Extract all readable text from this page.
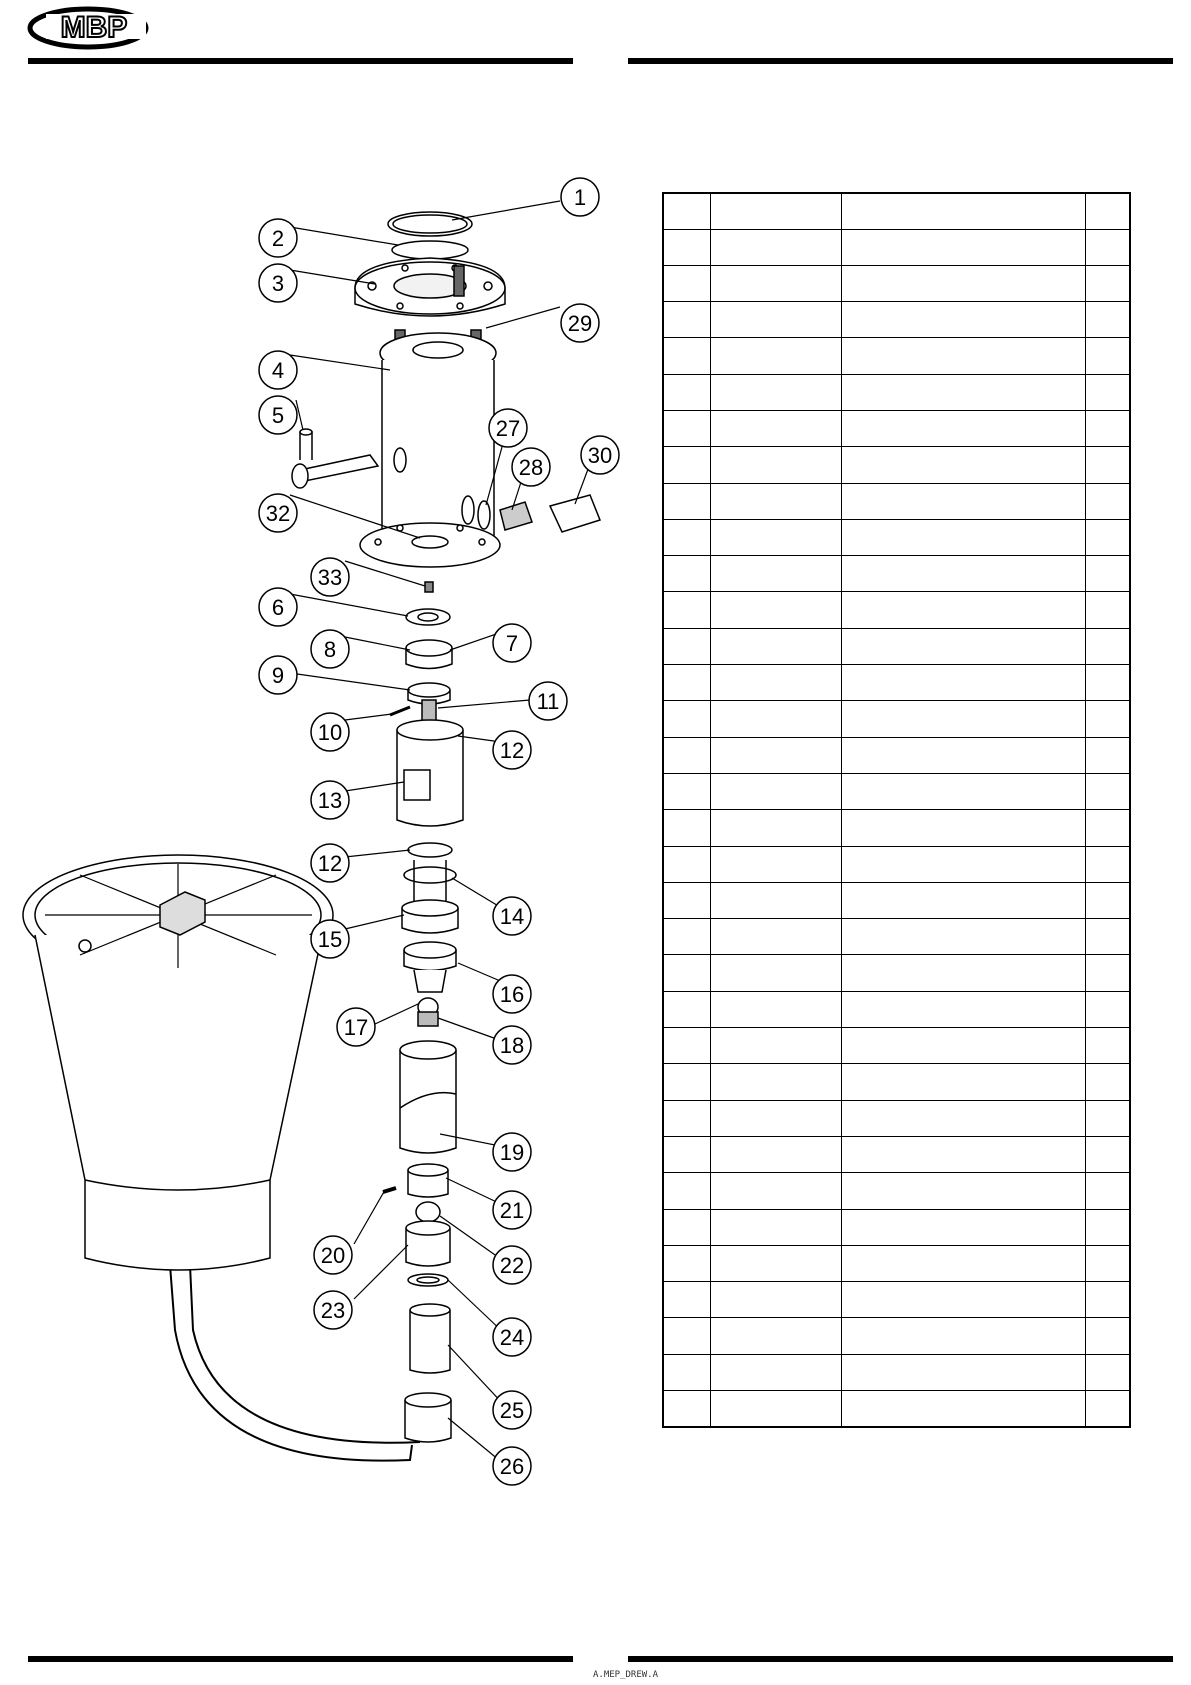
MBP
1
2
3
29
4
5
27
28 30
32
33
6
8	7
9
11
10
12
13
12
14
15
16
17
18
19
21
20	22
23
24
25
26

A.MEP_DREW.A
